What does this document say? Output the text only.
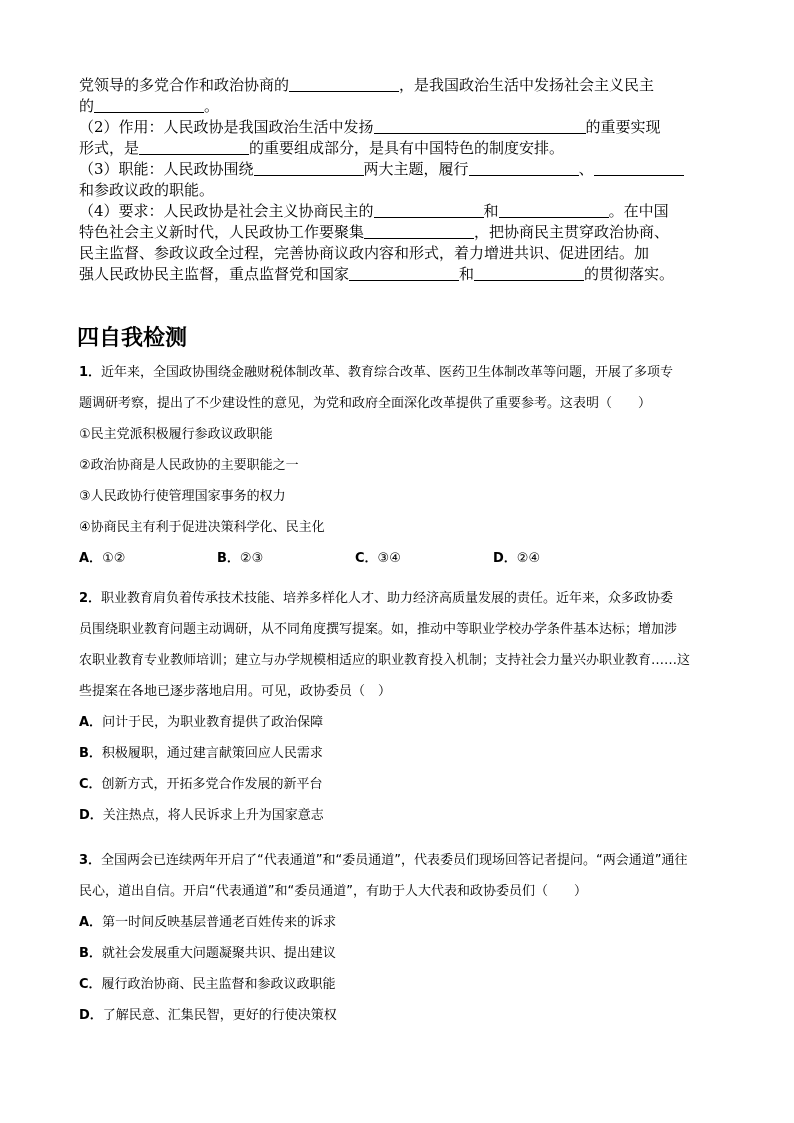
党领导的多党合作和政治协商的	，是我国政治生活中发扬社会主义民主

的	。

（2）作用：人民政协是我国政治生活中发扬	的重要实现

形式，是	的重要组成部分，是具有中国特色的制度安排。

（3）职能：人民政协围绕	两大主题，履行	、

和参政议政的职能。

（4）要求：人民政协是社会主义协商民主的	和	。在中国

特色社会主义新时代，人民政协工作要聚集	，把协商民主贯穿政治协商、

民主监督、参政议政全过程，完善协商议政内容和形式，着力增进共识、促进团结。加

强人民政协民主监督，重点监督党和国家	和	的贯彻落实。

四自我检测

1．近年来，全国政协围绕金融财税体制改革、教育综合改革、医药卫生体制改革等问题，开展了多项专

题调研考察，提出了不少建设性的意见，为党和政府全面深化改革提供了重要参考。这表明（　　）

①民主党派积极履行参政议政职能

②政治协商是人民政协的主要职能之一

③人民政协行使管理国家事务的权力

④协商民主有利于促进决策科学化、民主化

A．①②	B．②③	C．③④	D．②④

2．职业教育肩负着传承技术技能、培养多样化人才、助力经济高质量发展的责任。近年来，众多政协委

员围绕职业教育问题主动调研，从不同角度撰写提案。如，推动中等职业学校办学条件基本达标；增加涉

农职业教育专业教师培训；建立与办学规模相适应的职业教育投入机制；支持社会力量兴办职业教育……这

些提案在各地已逐步落地启用。可见，政协委员（　）

A．问计于民，为职业教育提供了政治保障

B．积极履职，通过建言献策回应人民需求

C．创新方式，开拓多党合作发展的新平台

D．关注热点，将人民诉求上升为国家意志

3．全国两会已连续两年开启了“代表通道”和“委员通道”，代表委员们现场回答记者提问。“两会通道”通往

民心，道出自信。开启“代表通道”和“委员通道”，有助于人大代表和政协委员们（　　）

A．第一时间反映基层普通老百姓传来的诉求

B．就社会发展重大问题凝聚共识、提出建议

C．履行政治协商、民主监督和参政议政职能

D．了解民意、汇集民智，更好的行使决策权
